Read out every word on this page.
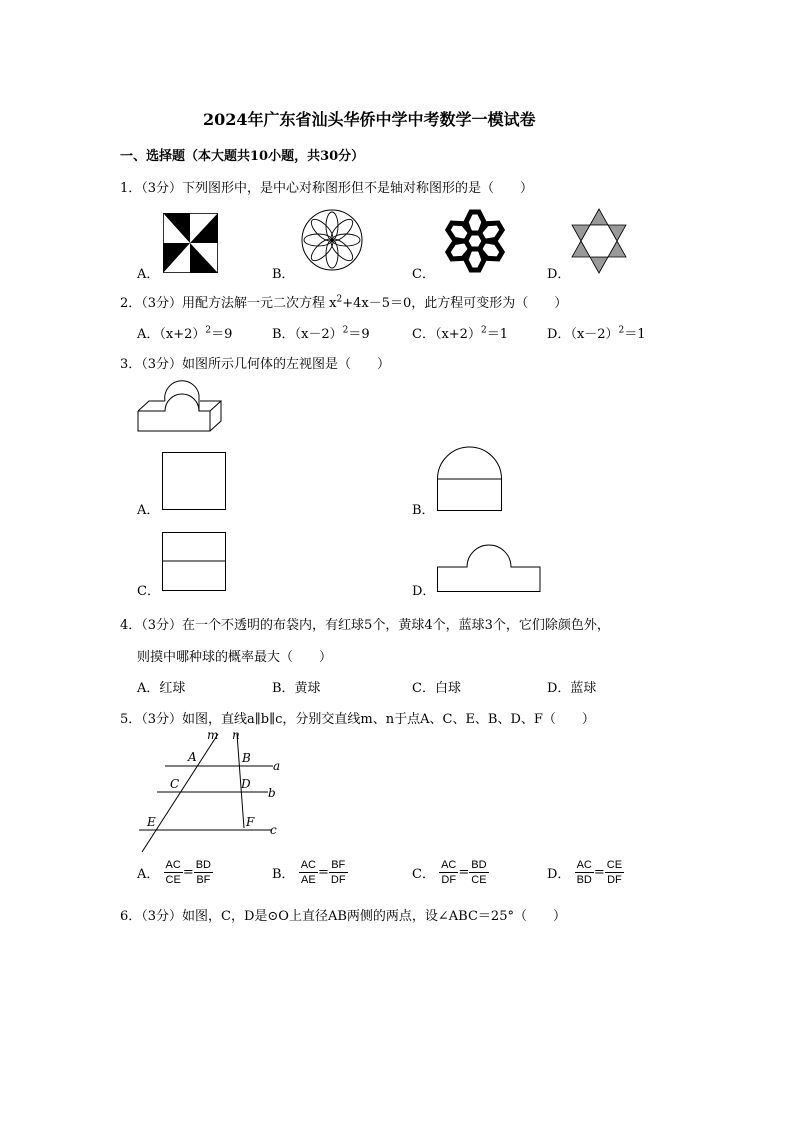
2024年广东省汕头华侨中学中考数学一模试卷
一、选择题（本大题共10小题，共30分）
1．（3分）下列图形中，是中心对称图形但不是轴对称图形的是（　　）
A．	B．	C．	D．
2．（3分）用配方法解一元二次方程 $x^2+4x-5=0$，此方程可变形为（　　）
A．$(x+2)^2=9$	B．$(x-2)^2=9$	C．$(x+2)^2=1$	D．$(x-2)^2=1$
3．（3分）如图所示几何体的左视图是（　　）
A．	B．
C．	D．
4．（3分）在一个不透明的布袋内，有红球5个，黄球4个，蓝球3个，它们除颜色外，
则摸中哪种球的概率最大（　　）
A．红球	B．黄球	C．白球	D．蓝球
5．（3分）如图，直线a∥b∥c，分别交直线m、n于点A、C、E、B、D、F（　　）
m n
A	B
a
C	D
b
E	F
c
A． $\frac{AC}{CE} = \frac{BD}{BF}$	B． $\frac{AC}{AE} = \frac{BF}{DF}$	C． $\frac{AC}{DF} = \frac{BD}{CE}$	D． $\frac{AC}{BD} = \frac{CE}{DF}$
6．（3分）如图，C，D是⊙O上直径AB两侧的两点，设∠ABC＝25°（　　）
